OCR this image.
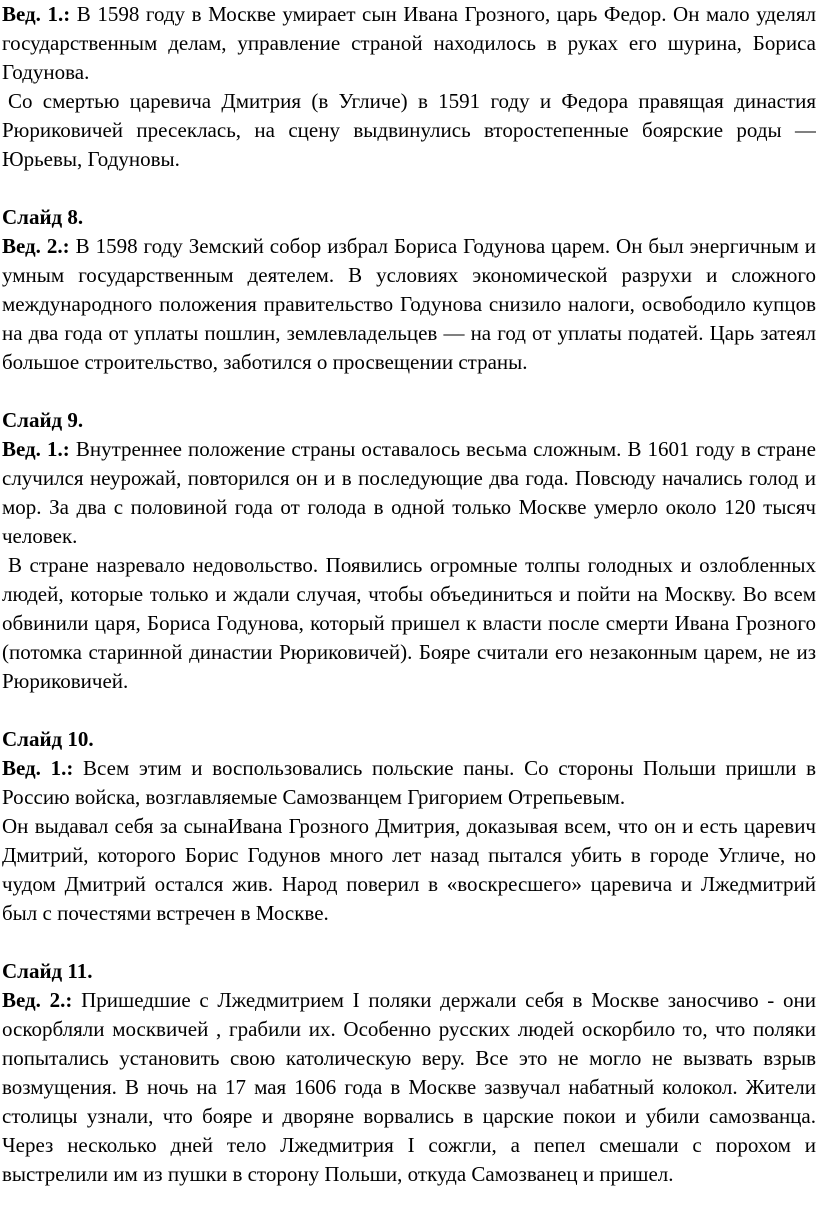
Вед. 1.: В 1598 году в Москве умирает сын Ивана Грозного, царь Федор. Он мало уделял государственным делам, управление страной находилось в руках его шурина, Бориса Годунова.

Со смертью царевича Дмитрия (в Угличе) в 1591 году и Федора правящая династия Рюриковичей пресеклась, на сцену выдвинулись второстепенные боярские роды — Юрьевы, Годуновы.

Слайд 8.

Вед. 2.: В 1598 году Земский собор избрал Бориса Годунова царем. Он был энергичным и умным государственным деятелем. В условиях экономической разрухи и сложного международного положения правительство Годунова снизило налоги, освободило купцов на два года от уплаты пошлин, землевладельцев — на год от уплаты податей. Царь затеял большое строительство, заботился о просвещении страны.

Слайд 9.

Вед. 1.: Внутреннее положение страны оставалось весьма сложным. В 1601 году в стране случился неурожай, повторился он и в последующие два года. Повсюду начались голод и мор. За два с половиной года от голода в одной только Москве умерло около 120 тысяч человек.

В стране назревало недовольство. Появились огромные толпы голодных и озлобленных людей, которые только и ждали случая, чтобы объединиться и пойти на Москву. Во всем обвинили царя, Бориса Годунова, который пришел к власти после смерти Ивана Грозного (потомка старинной династии Рюриковичей). Бояре считали его незаконным царем, не из Рюриковичей.

Слайд 10.

Вед. 1.: Всем этим и воспользовались польские паны. Со стороны Польши пришли в Россию войска, возглавляемые Самозванцем Григорием Отрепьевым.

Он выдавал себя за сынаИвана Грозного Дмитрия, доказывая всем, что он и есть царевич Дмитрий, которого Борис Годунов много лет назад пытался убить в городе Угличе, но чудом Дмитрий остался жив. Народ поверил в «воскресшего» царевича и Лжедмитрий был с почестями встречен в Москве.

Слайд 11.

Вед. 2.: Пришедшие с Лжедмитрием I поляки держали себя в Москве заносчиво - они оскорбляли москвичей , грабили их. Особенно русских людей оскорбило то, что поляки попытались установить свою католическую веру. Все это не могло не вызвать взрыв возмущения. В ночь на 17 мая 1606 года в Москве зазвучал набатный колокол. Жители столицы узнали, что бояре и дворяне ворвались в царские покои и убили самозванца. Через несколько дней тело Лжедмитрия I сожгли, а пепел смешали с порохом и выстрелили им из пушки в сторону Польши, откуда Самозванец и пришел.
